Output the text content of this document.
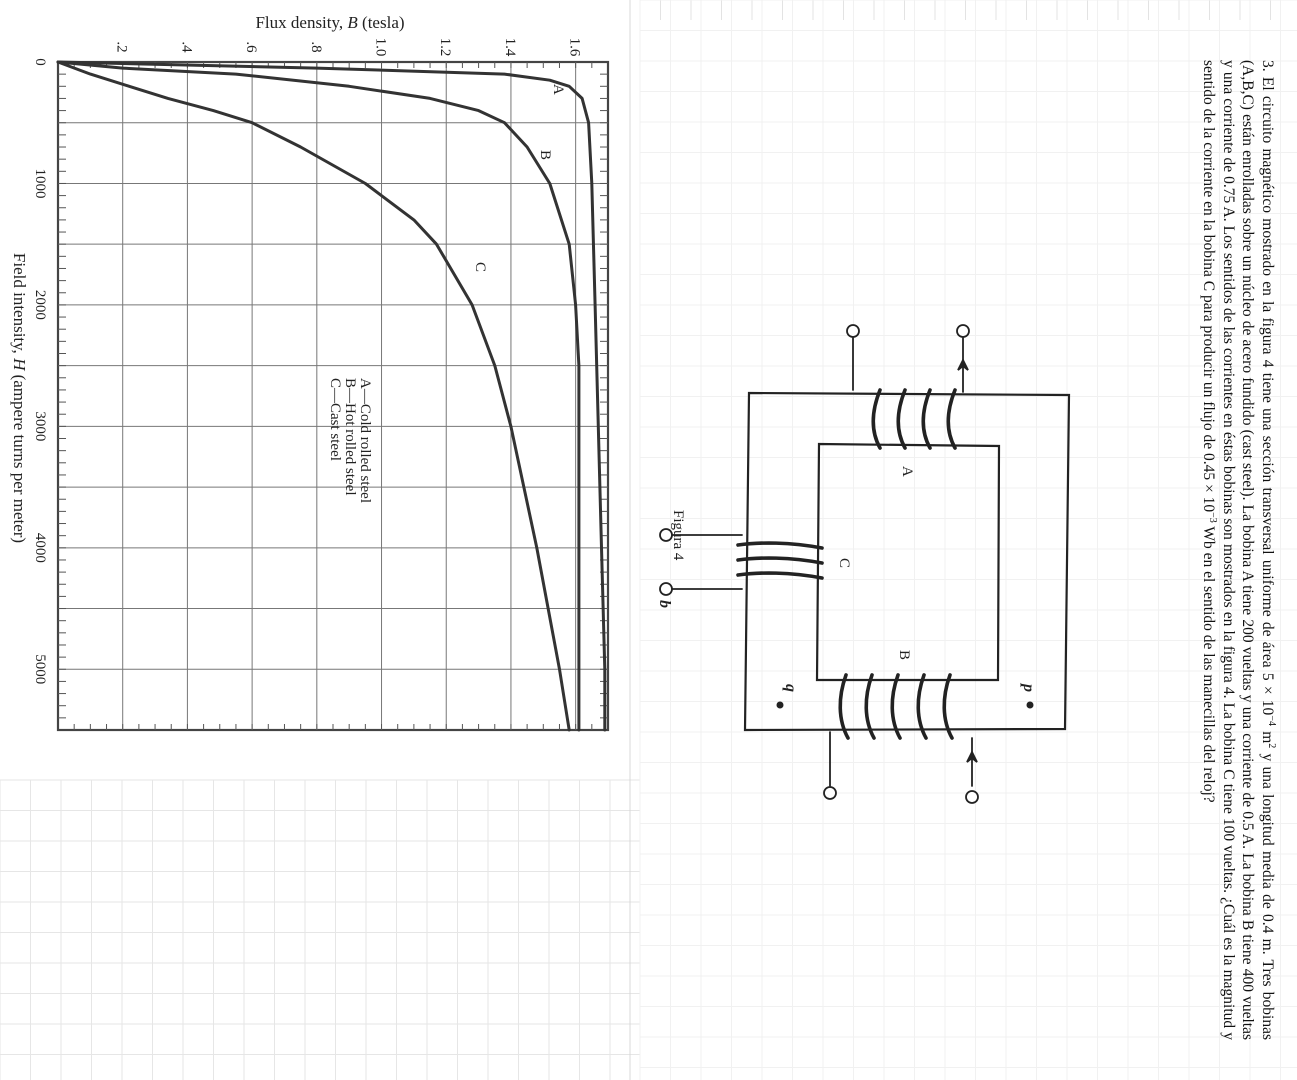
0
1000
2000
3000
4000
5000
.2	.4	.6	.8	1.0	1.2	1.4	1.6
Flux density, B (tesla)
Field intensity, H (ampere turns per meter)	A—Cold rolled steel
B—Hot rolled steel
C—Cast steel
A
B
C
A
B
C
p
q
b
Figura 4
3. El circuito magnético mostrado en la figura 4 tiene una sección transversal uniforme de área $5 \times 10^{-4}$ $m^2$ y una longitud media de 0.4 m. Tres bobinas (A,B,C) están enrolladas sobre un núcleo de acero fundido (cast steel). La bobina A tiene 200 vueltas y una corriente de 0.5 A. La bobina B tiene 400 vueltas y una corriente de 0.75 A. Los sentidos de las corrientes en éstas bobinas son mostrados en la figura 4. La bobina C tiene 100 vueltas. ¿Cuál es la magnitud y sentido de la corriente en la bobina C para producir un flujo de $0.45 \times 10^{-3}$ Wb en el sentido de las manecillas del reloj?
